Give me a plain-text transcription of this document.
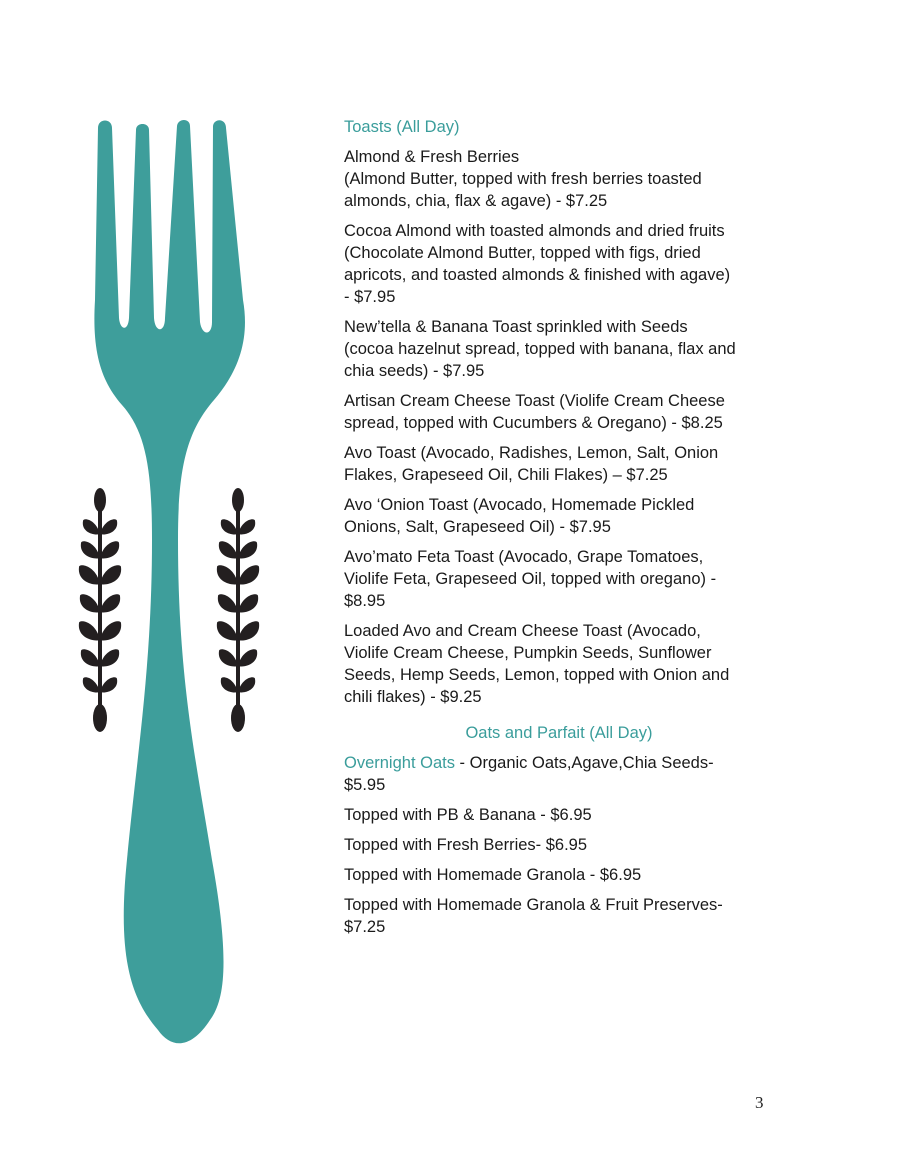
Toasts (All Day)
Almond & Fresh Berries
(Almond Butter, topped with fresh berries toasted
almonds, chia, flax & agave) - $7.25
Cocoa Almond with toasted almonds and dried fruits
(Chocolate Almond Butter, topped with figs, dried
apricots, and toasted almonds & finished with agave)
- $7.95
New’tella & Banana Toast sprinkled with Seeds
(cocoa hazelnut spread, topped with banana, flax and
chia seeds) - $7.95
Artisan Cream Cheese Toast (Violife Cream Cheese
spread, topped with Cucumbers & Oregano) - $8.25
Avo Toast (Avocado, Radishes, Lemon, Salt, Onion
Flakes, Grapeseed Oil, Chili Flakes) – $7.25
Avo ‘Onion Toast (Avocado, Homemade Pickled
Onions, Salt, Grapeseed Oil) - $7.95
Avo’mato Feta Toast (Avocado, Grape Tomatoes,
Violife Feta, Grapeseed Oil, topped with oregano) -
$8.95
Loaded Avo and Cream Cheese Toast (Avocado,
Violife Cream Cheese, Pumpkin Seeds, Sunflower
Seeds, Hemp Seeds, Lemon, topped with Onion and
chili flakes) - $9.25
Oats and Parfait (All Day)
Overnight Oats - Organic Oats,Agave,Chia Seeds-
$5.95
Topped with PB & Banana - $6.95
Topped with Fresh Berries- $6.95
Topped with Homemade Granola - $6.95
Topped with Homemade Granola & Fruit Preserves-
$7.25
3
